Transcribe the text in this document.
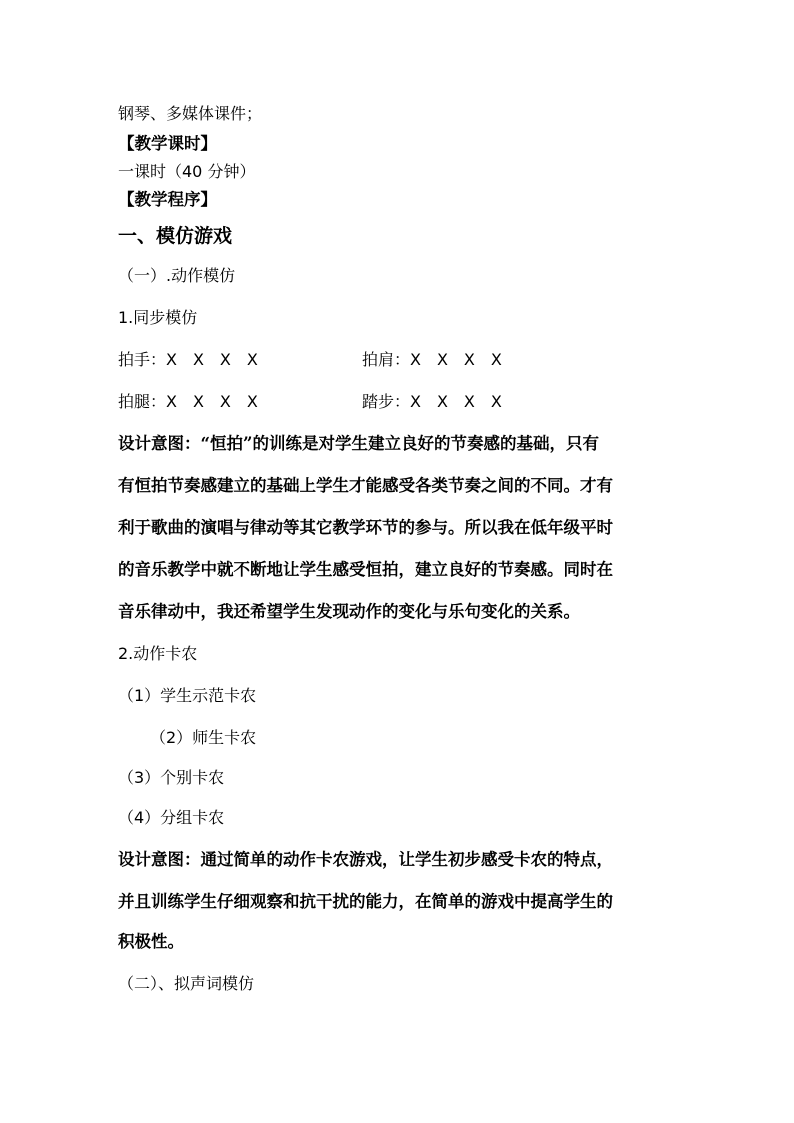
钢琴、多媒体课件；
【教学课时】
一课时（40 分钟）
【教学程序】
一、模仿游戏
（一）.动作模仿
1.同步模仿
拍手：X　X　X　X	拍肩：X　X　X　X
拍腿：X　X　X　X	踏步：X　X　X　X
设计意图：“恒拍”的训练是对学生建立良好的节奏感的基础，只有
有恒拍节奏感建立的基础上学生才能感受各类节奏之间的不同。才有
利于歌曲的演唱与律动等其它教学环节的参与。所以我在低年级平时
的音乐教学中就不断地让学生感受恒拍，建立良好的节奏感。同时在
音乐律动中，我还希望学生发现动作的变化与乐句变化的关系。
2.动作卡农
（1）学生示范卡农
（2）师生卡农
（3）个别卡农
（4）分组卡农
设计意图：通过简单的动作卡农游戏，让学生初步感受卡农的特点，
并且训练学生仔细观察和抗干扰的能力，在简单的游戏中提高学生的
积极性。
（二）、拟声词模仿
